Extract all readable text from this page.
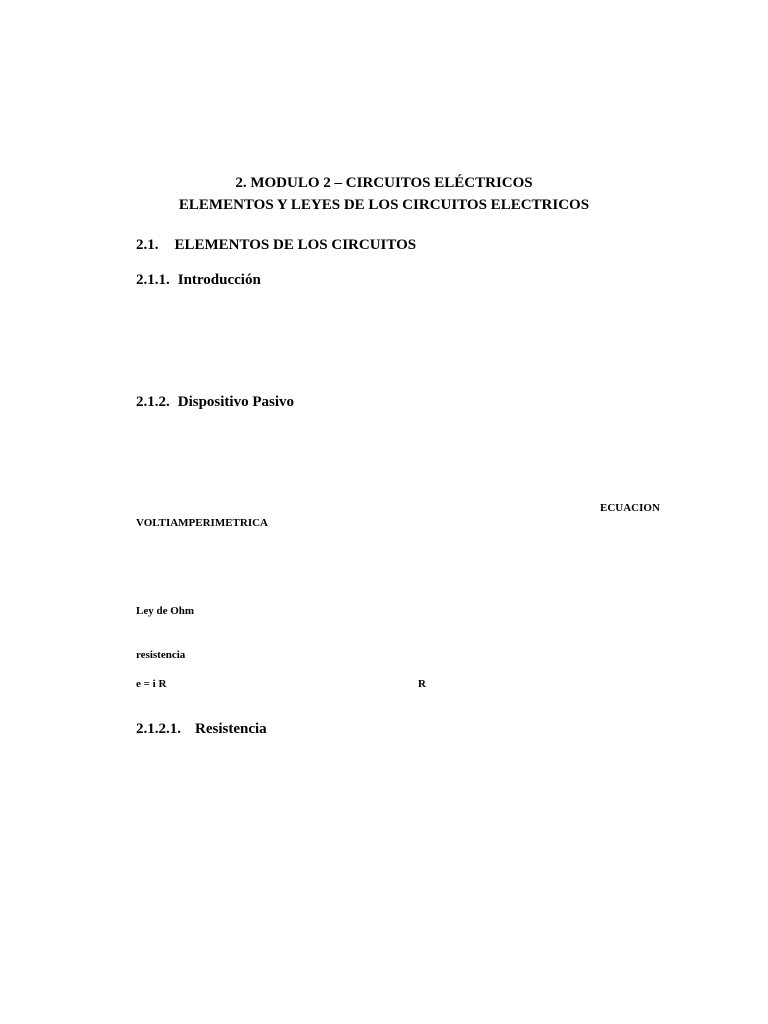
2. MODULO 2 – CIRCUITOS ELÉCTRICOS
ELEMENTOS Y LEYES DE LOS CIRCUITOS ELECTRICOS
2.1. ELEMENTOS DE LOS CIRCUITOS
2.1.1. Introducción
2.1.2. Dispositivo Pasivo
ECUACION
VOLTIAMPERIMETRICA
Ley de Ohm
resistencia
e = i R	R
2.1.2.1. Resistencia
